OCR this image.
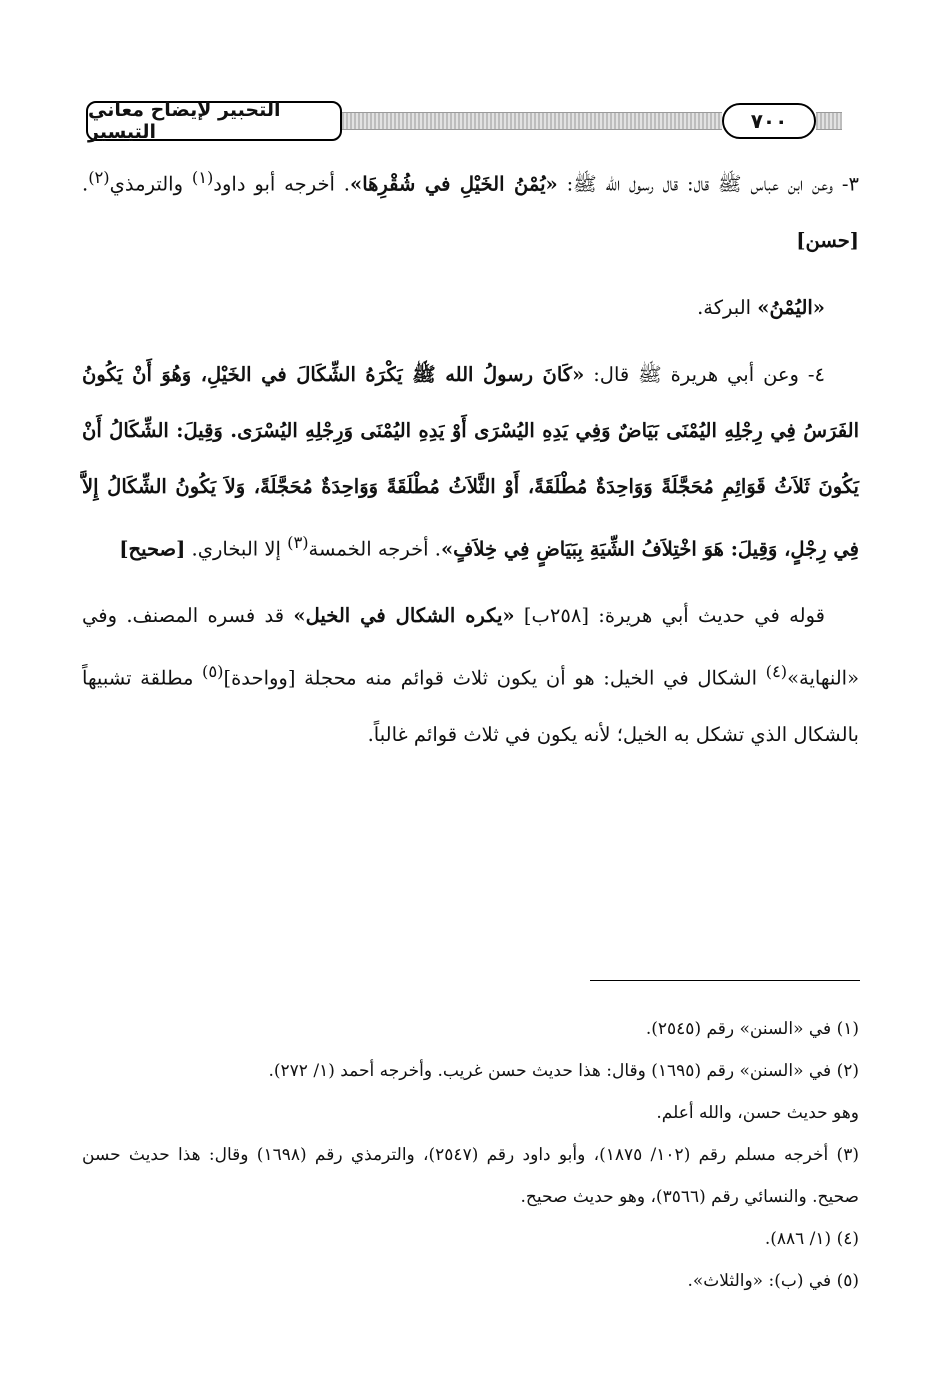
التحبير لإيضاح معاني التيسير	٧٠٠

٣- وعن ابن عباس ﷺ قال: قال رسول الله ﷺ: «يُمْنُ الخَيْلِ في شُقْرِهَا». أخرجه أبو داود$^{(١)}$ والترمذي$^{(٢)}$. [حسن]

«اليُمْنُ» البركة.

٤- وعن أبي هريرة ﷺ قال: «كَانَ رسولُ الله ﷺ يَكْرَهُ الشِّكَالَ في الخَيْلِ، وَهُوَ أَنْ يَكُونُ الفَرَسُ فِي رِجْلِهِ اليُمْنَى بَيَاضٌ وَفِي يَدِهِ اليُسْرَى أَوْ يَدِهِ اليُمْنَى وَرِجْلِهِ اليُسْرَى. وَقِيلَ: الشِّكَالُ أَنْ يَكُونَ ثَلاَثُ قَوَائِمِ مُحَجَّلَةً وَوَاحِدَةٌ مُطْلَقَةً، أَوْ الثَّلاَثُ مُطْلَقَةً وَوَاحِدَةٌ مُحَجَّلَةً، وَلاَ يَكُونُ الشِّكَالُ إِلاَّ فِي رِجْلٍ، وَقِيلَ: هَوَ اخْتِلاَفُ الشِّيَةِ بِبَيَاضٍ فِي خِلاَفٍ». أخرجه الخمسة$^{(٣)}$ إلا البخاري. [صحيح]

قوله في حديث أبي هريرة: [٢٥٨ب] «يكره الشكال في الخيل» قد فسره المصنف. وفي «النهاية»$^{(٤)}$ الشكال في الخيل: هو أن يكون ثلاث قوائم منه محجلة [وواحدة]$^{(٥)}$ مطلقة تشبيهاً بالشكال الذي تشكل به الخيل؛ لأنه يكون في ثلاث قوائم غالباً.

(١) في «السنن» رقم (٢٥٤٥).

(٢) في «السنن» رقم (١٦٩٥) وقال: هذا حديث حسن غريب. وأخرجه أحمد (١/ ٢٧٢).

وهو حديث حسن، والله أعلم.

(٣) أخرجه مسلم رقم (١٠٢/ ١٨٧٥)، وأبو داود رقم (٢٥٤٧)، والترمذي رقم (١٦٩٨) وقال: هذا حديث حسن صحيح. والنسائي رقم (٣٥٦٦)، وهو حديث صحيح.

(٤) (١/ ٨٨٦).

(٥) في (ب): «والثلاث».
